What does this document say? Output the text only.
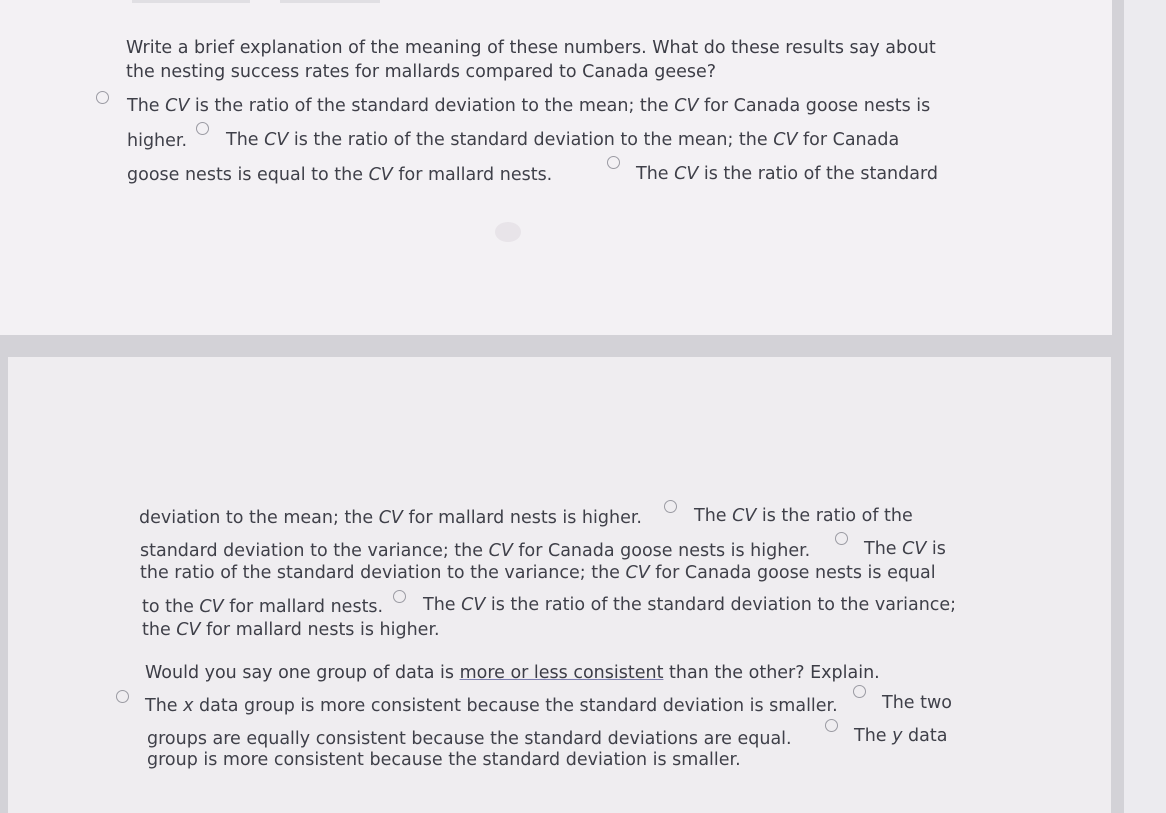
Write a brief explanation of the meaning of these numbers. What do these results say about
the nesting success rates for mallards compared to Canada geese?
The CV is the ratio of the standard deviation to the mean; the CV for Canada goose nests is
higher. The CV is the ratio of the standard deviation to the mean; the CV for Canada
goose nests is equal to the CV for mallard nests.	The CV is the ratio of the standard
deviation to the mean; the CV for mallard nests is higher.	The CV is the ratio of the
standard deviation to the variance; the CV for Canada goose nests is higher.	The CV is
the ratio of the standard deviation to the variance; the CV for Canada goose nests is equal
to the CV for mallard nests. The CV is the ratio of the standard deviation to the variance;
the CV for mallard nests is higher.
Would you say one group of data is more or less consistent than the other? Explain.
The x data group is more consistent because the standard deviation is smaller.	The two
groups are equally consistent because the standard deviations are equal.	The y data
group is more consistent because the standard deviation is smaller.
